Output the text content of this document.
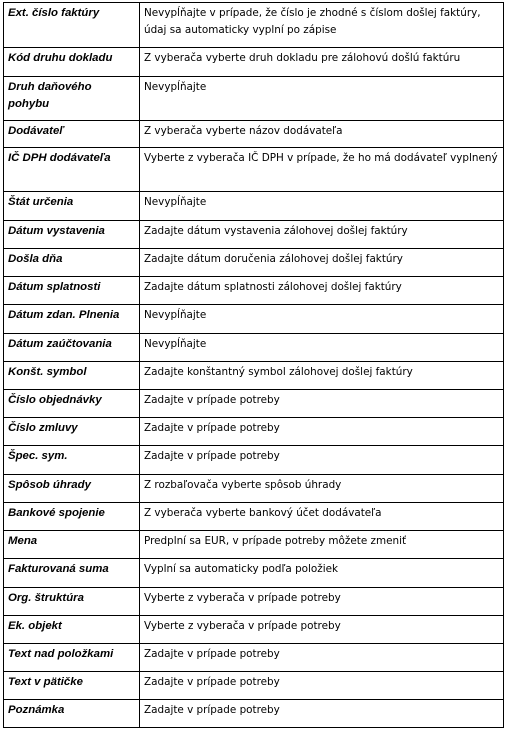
Ext. číslo faktúry	Nevypĺňajte v prípade, že číslo je zhodné s číslom došlej faktúry, údaj sa automaticky vyplní po zápise
Kód druhu dokladu	Z vyberača vyberte druh dokladu pre zálohovú došlú faktúru
Druh daňového pohybu	Nevypĺňajte
Dodávateľ	Z vyberača vyberte názov dodávateľa
IČ DPH dodávateľa	Vyberte z vyberača IČ DPH v prípade, že ho má dodávateľ vyplnený
Štát určenia	Nevypĺňajte
Dátum vystavenia	Zadajte dátum vystavenia zálohovej došlej faktúry
Došla dňa	Zadajte dátum doručenia zálohovej došlej faktúry
Dátum splatnosti	Zadajte dátum splatnosti zálohovej došlej faktúry
Dátum zdan. Plnenia	Nevypĺňajte
Dátum zaúčtovania	Nevypĺňajte
Konšt. symbol	Zadajte konštantný symbol zálohovej došlej faktúry
Číslo objednávky	Zadajte v prípade potreby
Číslo zmluvy	Zadajte v prípade potreby
Špec. sym.	Zadajte v prípade potreby
Spôsob úhrady	Z rozbaľovača vyberte spôsob úhrady
Bankové spojenie	Z vyberača vyberte bankový účet dodávateľa
Mena	Predplní sa EUR, v prípade potreby môžete zmeniť
Fakturovaná suma	Vyplní sa automaticky podľa položiek
Org. štruktúra	Vyberte z vyberača v prípade potreby
Ek. objekt	Vyberte z vyberača v prípade potreby
Text nad položkami	Zadajte v prípade potreby
Text v pätičke	Zadajte v prípade potreby
Poznámka	Zadajte v prípade potreby
